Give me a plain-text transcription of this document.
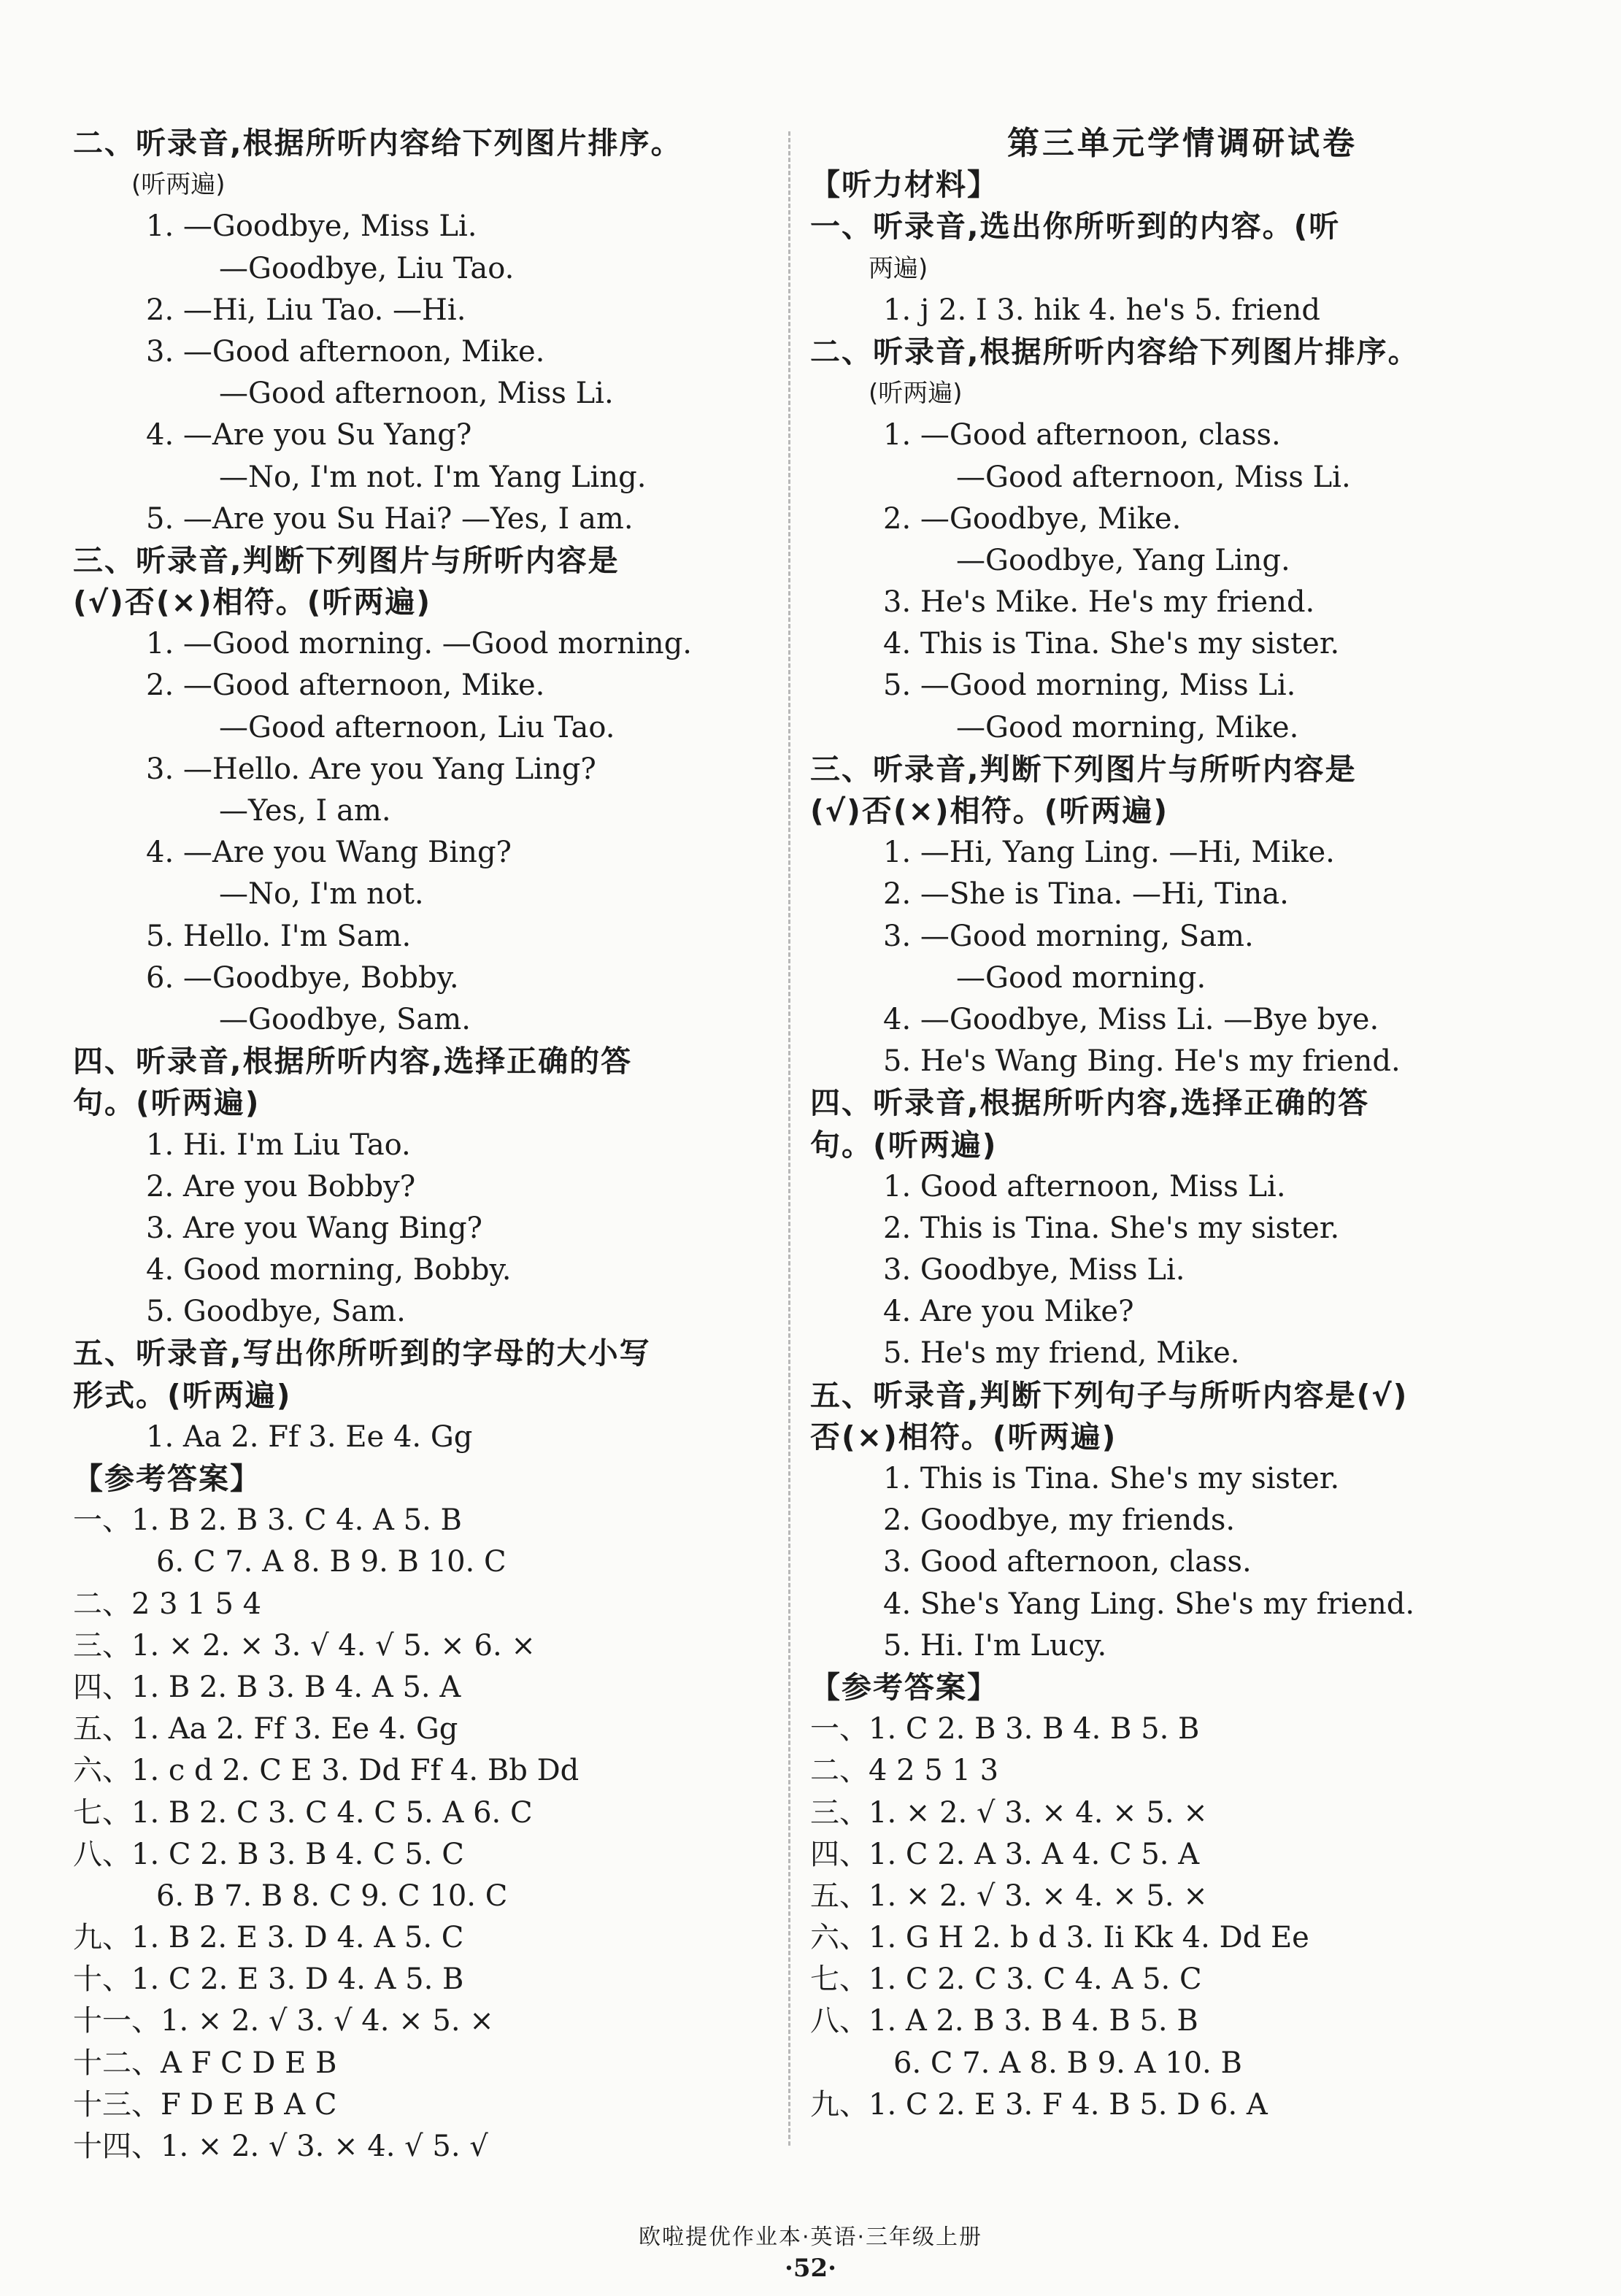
二、听录音,根据所听内容给下列图片排序。
(听两遍)
1. —Goodbye, Miss Li.
—Goodbye, Liu Tao.
2. —Hi, Liu Tao. —Hi.
3. —Good afternoon, Mike.
—Good afternoon, Miss Li.
4. —Are you Su Yang?
—No, I'm not. I'm Yang Ling.
5. —Are you Su Hai? —Yes, I am.
三、听录音,判断下列图片与所听内容是
(√)否(×)相符。(听两遍)
1. —Good morning. —Good morning.
2. —Good afternoon, Mike.
—Good afternoon, Liu Tao.
3. —Hello. Are you Yang Ling?
—Yes, I am.
4. —Are you Wang Bing?
—No, I'm not.
5. Hello. I'm Sam.
6. —Goodbye, Bobby.
—Goodbye, Sam.
四、听录音,根据所听内容,选择正确的答
句。(听两遍)
1. Hi. I'm Liu Tao.
2. Are you Bobby?
3. Are you Wang Bing?
4. Good morning, Bobby.
5. Goodbye, Sam.
五、听录音,写出你所听到的字母的大小写
形式。(听两遍)
1. Aa 2. Ff 3. Ee 4. Gg
【参考答案】
一、1. B 2. B 3. C 4. A 5. B
6. C 7. A 8. B 9. B 10. C
二、2 3 1 5 4
三、1. × 2. × 3. √ 4. √ 5. × 6. ×
四、1. B 2. B 3. B 4. A 5. A
五、1. Aa 2. Ff 3. Ee 4. Gg
六、1. c d 2. C E 3. Dd Ff 4. Bb Dd
七、1. B 2. C 3. C 4. C 5. A 6. C
八、1. C 2. B 3. B 4. C 5. C
6. B 7. B 8. C 9. C 10. C
九、1. B 2. E 3. D 4. A 5. C
十、1. C 2. E 3. D 4. A 5. B
十一、1. × 2. √ 3. √ 4. × 5. ×
十二、A F C D E B
十三、F D E B A C
十四、1. × 2. √ 3. × 4. √ 5. √
第三单元学情调研试卷
【听力材料】
一、听录音,选出你所听到的内容。(听
两遍)
1. j 2. I 3. hik 4. he's 5. friend
二、听录音,根据所听内容给下列图片排序。
(听两遍)
1. —Good afternoon, class.
—Good afternoon, Miss Li.
2. —Goodbye, Mike.
—Goodbye, Yang Ling.
3. He's Mike. He's my friend.
4. This is Tina. She's my sister.
5. —Good morning, Miss Li.
—Good morning, Mike.
三、听录音,判断下列图片与所听内容是
(√)否(×)相符。(听两遍)
1. —Hi, Yang Ling. —Hi, Mike.
2. —She is Tina. —Hi, Tina.
3. —Good morning, Sam.
—Good morning.
4. —Goodbye, Miss Li. —Bye bye.
5. He's Wang Bing. He's my friend.
四、听录音,根据所听内容,选择正确的答
句。(听两遍)
1. Good afternoon, Miss Li.
2. This is Tina. She's my sister.
3. Goodbye, Miss Li.
4. Are you Mike?
5. He's my friend, Mike.
五、听录音,判断下列句子与所听内容是(√)
否(×)相符。(听两遍)
1. This is Tina. She's my sister.
2. Goodbye, my friends.
3. Good afternoon, class.
4. She's Yang Ling. She's my friend.
5. Hi. I'm Lucy.
【参考答案】
一、1. C 2. B 3. B 4. B 5. B
二、4 2 5 1 3
三、1. × 2. √ 3. × 4. × 5. ×
四、1. C 2. A 3. A 4. C 5. A
五、1. × 2. √ 3. × 4. × 5. ×
六、1. G H 2. b d 3. Ii Kk 4. Dd Ee
七、1. C 2. C 3. C 4. A 5. C
八、1. A 2. B 3. B 4. B 5. B
6. C 7. A 8. B 9. A 10. B
九、1. C 2. E 3. F 4. B 5. D 6. A
欧啦提优作业本·英语·三年级上册
·52·
